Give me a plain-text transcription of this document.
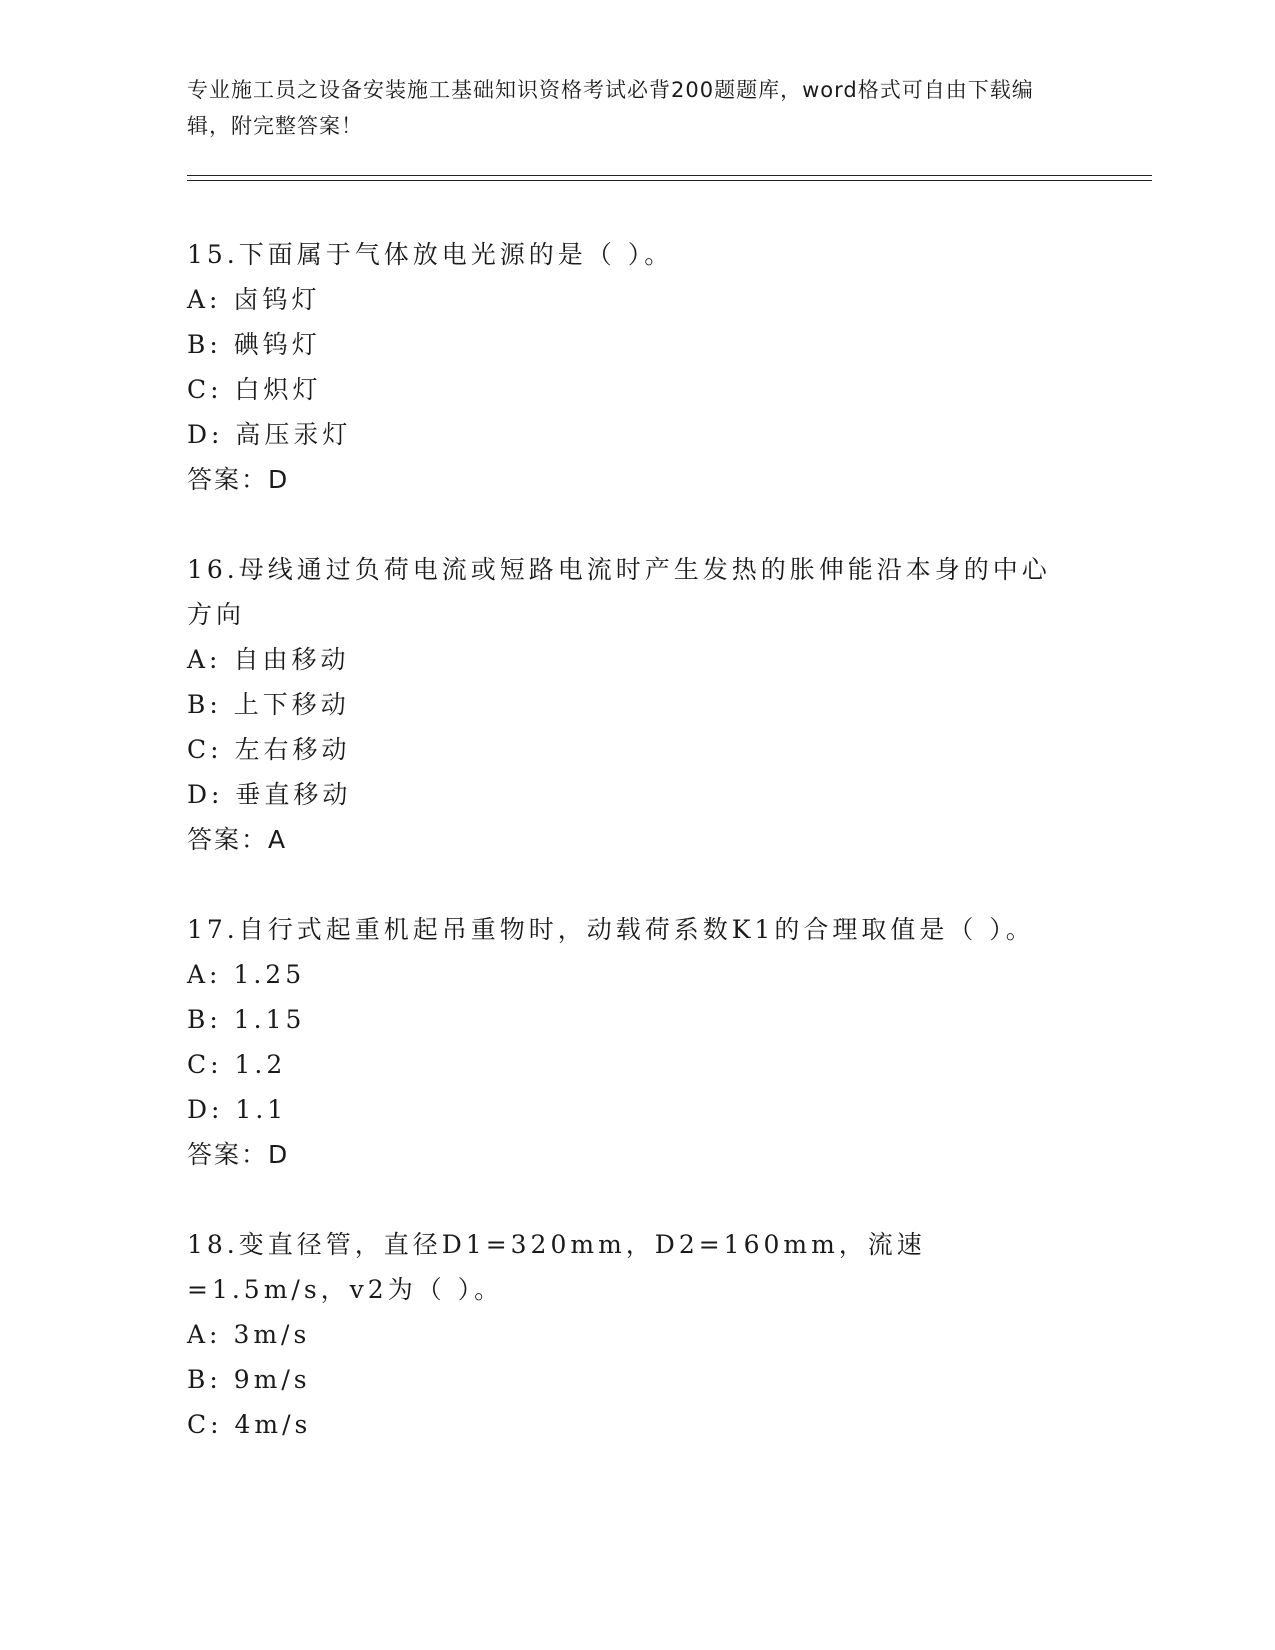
专业施工员之设备安装施工基础知识资格考试必背200题题库，word格式可自由下载编辑，附完整答案！
15.下面属于气体放电光源的是（ ）。
A: 卤钨灯
B: 碘钨灯
C: 白炽灯
D: 高压汞灯
答案：D
16.母线通过负荷电流或短路电流时产生发热的胀伸能沿本身的中心方向
A: 自由移动
B: 上下移动
C: 左右移动
D: 垂直移动
答案：A
17.自行式起重机起吊重物时，动载荷系数K1的合理取值是（ ）。
A: 1.25
B: 1.15
C: 1.2
D: 1.1
答案：D
18.变直径管，直径D1=320mm，D2=160mm，流速=1.5m/s，v2为（ ）。
A: 3m/s
B: 9m/s
C: 4m/s
